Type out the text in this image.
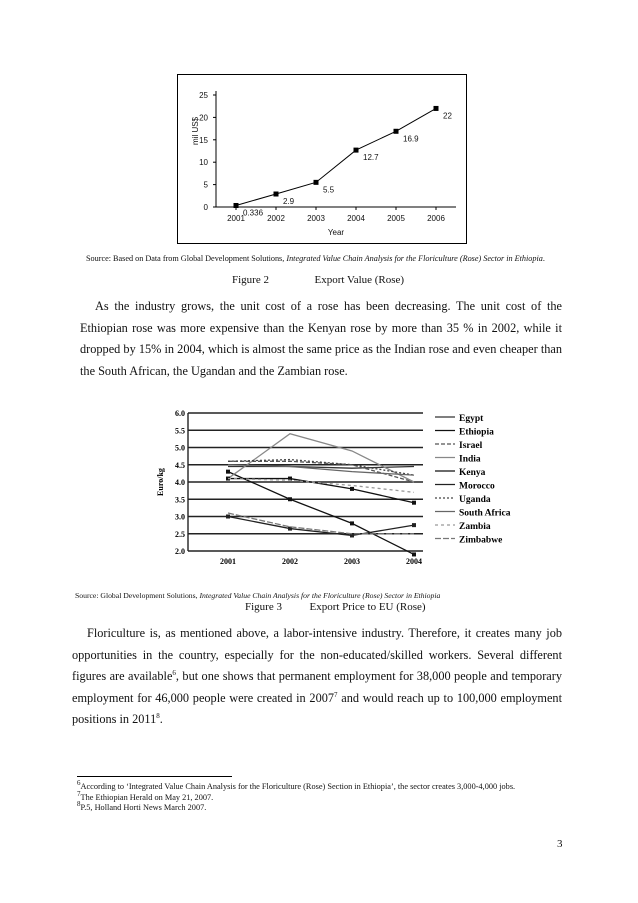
0
5
10
15
20
25
2001	2002	2003	2004	2005	2006
Year
mil US$
0.336
2.9
5.5
12.7
16.9
22
Source: Based on Data from Global Development Solutions, Integrated Value Chain Analysis for the Floriculture (Rose) Sector in Ethiopia.
Figure 2	Export Value (Rose)
As the industry grows, the unit cost of a rose has been decreasing. The unit cost of the Ethiopian rose was more expensive than the Kenyan rose by more than 35 % in 2002, while it dropped by 15% in 2004, which is almost the same price as the Indian rose and even cheaper than the South African, the Ugandan and the Zambian rose.
2.0
2.5
3.0
3.5
4.0
4.5
5.0
5.5
6.0
Euro/kg
2001	2002	2003	2004
Egypt
Ethiopia
Israel
India
Kenya
Morocco
Uganda
South Africa
Zambia
Zimbabwe
Source: Global Development Solutions, Integrated Value Chain Analysis for the Floriculture (Rose) Sector in Ethiopia
Figure 3	Export Price to EU (Rose)
Floriculture is, as mentioned above, a labor-intensive industry. Therefore, it creates many job opportunities in the country, especially for the non-educated/skilled workers. Several different figures are available$^6$, but one shows that permanent employment for 38,000 people and temporary employment for 46,000 people were created in 2007$^7$ and would reach up to 100,000 employment positions in 2011$^8$.

$^6$According to ‘Integrated Value Chain Analysis for the Floriculture (Rose) Section in Ethiopia’, the sector creates 3,000-4,000 jobs.

$^7$The Ethiopian Herald on May 21, 2007.

$^8$P.5, Holland Horti News March 2007.

3
